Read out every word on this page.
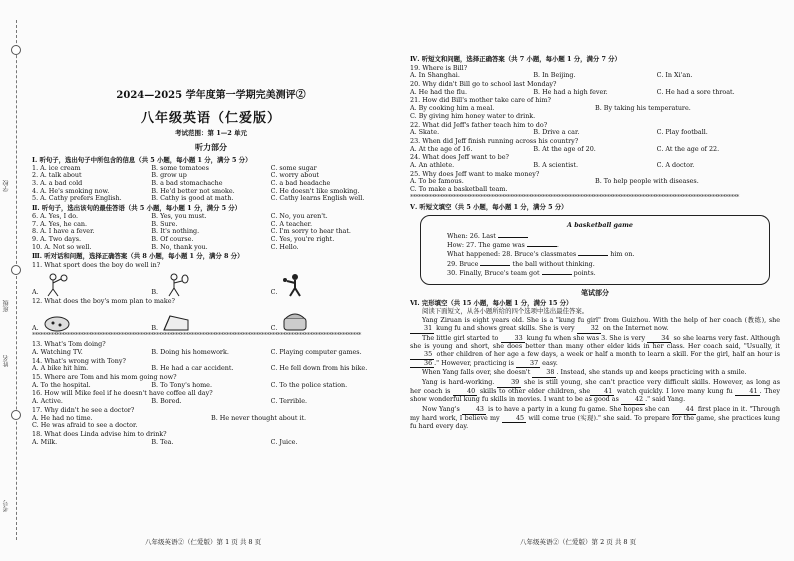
学校
班级
姓名
考号
2024—2025 学年度第一学期完美测评②
八年级英语（仁爱版）
考试范围：第 1—2 单元
听力部分
Ⅰ. 听句子，选出句子中所包含的信息（共 5 小题，每小题 1 分，满分 5 分）
1. A. ice cream	B. some tomatoes	C. some sugar
2. A. talk about	B. grow up	C. worry about
3. A. a bad cold	B. a bad stomachache	C. a bad headache
4. A. He's smoking now.	B. He'd better not smoke.	C. He doesn't like smoking.
5. A. Cathy prefers English.	B. Cathy is good at math.	C. Cathy learns English well.
Ⅱ. 听句子，选出该句的最佳答语（共 5 小题，每小题 1 分，满分 5 分）
6. A. Yes, I do.	B. Yes, you must.	C. No, you aren't.
7. A. Yes, he can.	B. Sure.	C. A teacher.
8. A. I have a fever.	B. It's nothing.	C. I'm sorry to hear that.
9. A. Two days.	B. Of course.	C. Yes, you're right.
10. A. Not so well.	B. No, thank you.	C. Hello.
Ⅲ. 听对话和问题，选择正确答案（共 8 小题，每小题 1 分，满分 8 分）
11. What sport does the boy do well in?
A.	B.	C.
12. What does the boy's mom plan to make?
A.	B.	C.
**************************************************************************************************************************
13. What's Tom doing?
A. Watching TV.	B. Doing his homework.	C. Playing computer games.
14. What's wrong with Tony?
A. A bike hit him.	B. He had a car accident.	C. He fell down from his bike.
15. Where are Tom and his mom going now?
A. To the hospital.	B. To Tony's home.	C. To the police station.
16. How will Mike feel if he doesn't have coffee all day?
A. Active.	B. Bored.	C. Terrible.
17. Why didn't he see a doctor?
A. He had no time.	B. He never thought about it.
C. He was afraid to see a doctor.
18. What does Linda advise him to drink?
A. Milk.	B. Tea.	C. Juice.
Ⅳ. 听短文和问题，选择正确答案（共 7 小题，每小题 1 分，满分 7 分）
19. Where is Bill?
A. In Shanghai.	B. In Beijing.	C. In Xi'an.
20. Why didn't Bill go to school last Monday?
A. He had the flu.	B. He had a high fever.	C. He had a sore throat.
21. How did Bill's mother take care of him?
A. By cooking him a meal.	B. By taking his temperature.
C. By giving him honey water to drink.
22. What did Jeff's father teach him to do?
A. Skate.	B. Drive a car.	C. Play football.
23. When did Jeff finish running across his country?
A. At the age of 16.	B. At the age of 20.	C. At the age of 22.
24. What does Jeff want to be?
A. An athlete.	B. A scientist.	C. A doctor.
25. Why does Jeff want to make money?
A. To be famous.	B. To help people with diseases.
C. To make a basketball team.
**************************************************************************************************************************
Ⅴ. 听短文填空（共 5 小题，每小题 1 分，满分 5 分）
A basketball game
When: 26. Last
How: 27. The game was	.
What happened: 28. Bruce's classmates	him on.
29. Bruce	the ball without thinking.
30. Finally, Bruce's team got	points.
笔试部分
Ⅵ. 完形填空（共 15 小题，每小题 1 分，满分 15 分）
阅读下面短文，从各小题所给的四个选项中选出最佳答案。

Yang Ziruan is eight years old. She is a "kung fu girl" from Guizhou. With the help of her coach (教练), she 31 kung fu and shows great skills. She is very 32 on the Internet now.

The little girl started to 33 kung fu when she was 3. She is very 34 so she learns very fast. Although she is young and short, she does better than many other elder kids in her class. Her coach said, "Usually, it 35 other children of her age a few days, a week or half a month to learn a skill. For the girl, half an hour is 36 ." However, practicing is 37 easy.

When Yang falls over, she doesn't 38 . Instead, she stands up and keeps practicing with a smile.

Yang is hard-working. 39 she is still young, she can't practice very difficult skills. However, as long as her coach is 40 skills to other elder children, she 41 watch quickly. I love many kung fu 41 . They show wonderful kung fu skills in movies. I want to be as good as 42 ." said Yang.

Now Yang's 43 is to have a party in a kung fu game. She hopes she can 44 first place in it. "Through my hard work, I believe my 45 will come true (实现)." she said. To prepare for the game, she practices kung fu hard every day.

八年级英语②（仁爱版）第 1 页 共 8 页	八年级英语②（仁爱版）第 2 页 共 8 页
